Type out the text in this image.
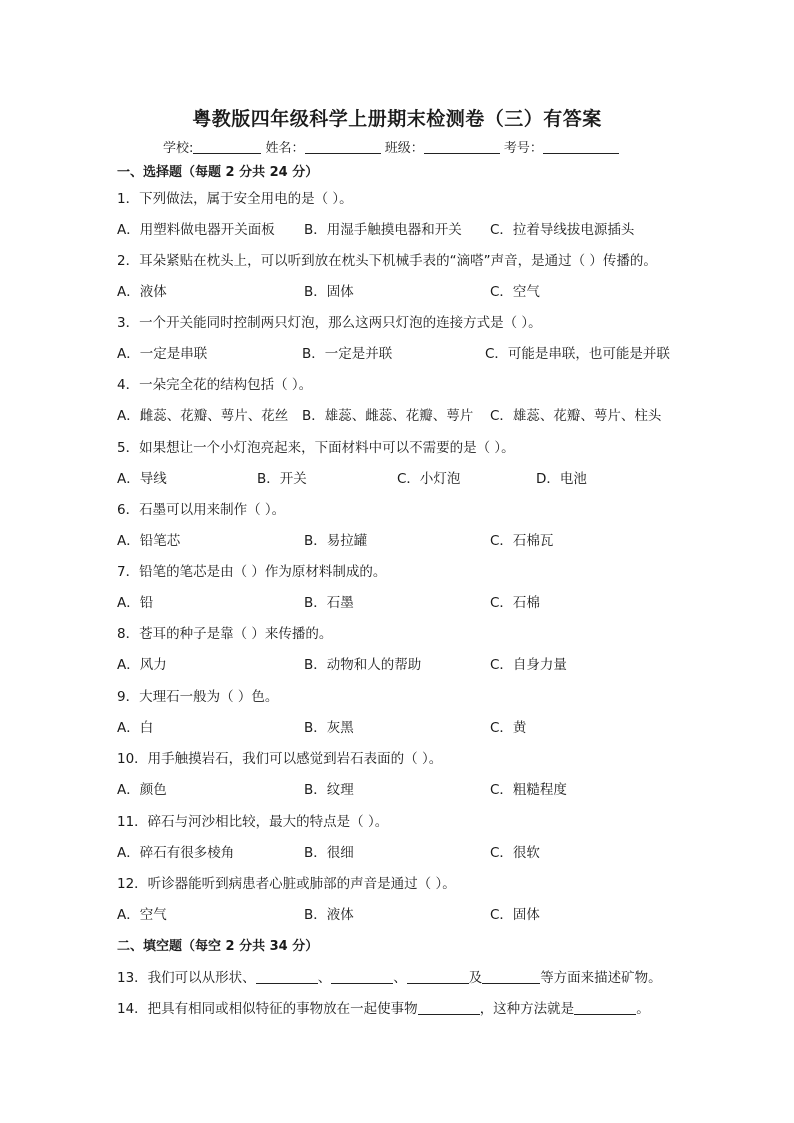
粤教版四年级科学上册期末检测卷（三）有答案
学校:	姓名：	班级：	考号：
一、选择题（每题 2 分共 24 分）
1．下列做法，属于安全用电的是（ ）。
A．用塑料做电器开关面板 B．用湿手触摸电器和开关 C．拉着导线拔电源插头
2．耳朵紧贴在枕头上，可以听到放在枕头下机械手表的“滴嗒”声音，是通过（ ）传播的。
A．液体	B．固体	C．空气
3．一个开关能同时控制两只灯泡，那么这两只灯泡的连接方式是（ ）。
A．一定是串联	B．一定是并联	C．可能是串联，也可能是并联
4．一朵完全花的结构包括（ ）。
A．雌蕊、花瓣、萼片、花丝 B．雄蕊、雌蕊、花瓣、萼片 C．雄蕊、花瓣、萼片、柱头
5．如果想让一个小灯泡亮起来，下面材料中可以不需要的是（ ）。
A．导线	B．开关	C．小灯泡	D．电池
6．石墨可以用来制作（ ）。
A．铅笔芯	B．易拉罐	C．石棉瓦
7．铅笔的笔芯是由（ ）作为原材料制成的。
A．铅	B．石墨	C．石棉
8．苍耳的种子是靠（ ）来传播的。
A．风力	B．动物和人的帮助	C．自身力量
9．大理石一般为（ ）色。
A．白	B．灰黑	C．黄
10．用手触摸岩石，我们可以感觉到岩石表面的（ ）。
A．颜色	B．纹理	C．粗糙程度
11．碎石与河沙相比较，最大的特点是（ ）。
A．碎石有很多棱角	B．很细	C．很软
12．听诊器能听到病患者心脏或肺部的声音是通过（ ）。
A．空气	B．液体	C．固体
二、填空题（每空 2 分共 34 分）
13．我们可以从形状、	、	、	及	等方面来描述矿物。
14．把具有相同或相似特征的事物放在一起使事物	，这种方法就是	。
